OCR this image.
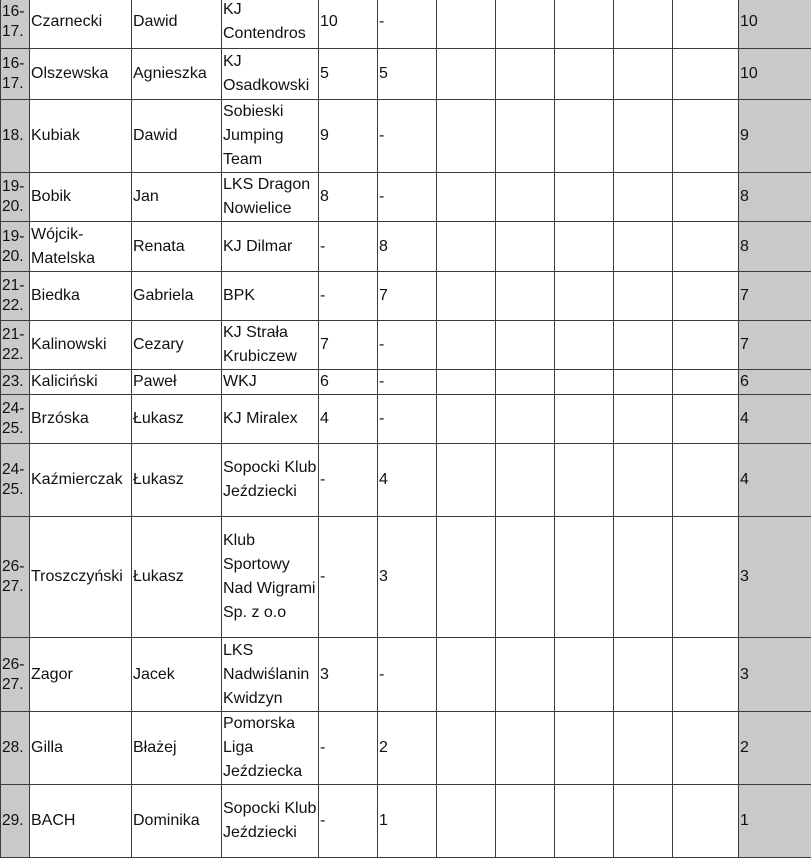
16-17.	Czarnecki	Dawid	KJ Contendros	10	-						10
16-17.	Olszewska	Agnieszka	KJ Osadkowski	5	5						10
18.	Kubiak	Dawid	Sobieski Jumping Team	9	-						9
19-20.	Bobik	Jan	LKS Dragon Nowielice	8	-						8
19-20.	Wójcik-Matelska	Renata	KJ Dilmar	-	8						8
21-22.	Biedka	Gabriela	BPK	-	7						7
21-22.	Kalinowski	Cezary	KJ Strała Krubiczew	7	-						7
23.	Kaliciński	Paweł	WKJ	6	-						6
24-25.	Brzóska	Łukasz	KJ Miralex	4	-						4
24-25.	Kaźmierczak	Łukasz	Sopocki Klub Jeździecki	-	4						4
26-27.	Troszczyński	Łukasz	Klub Sportowy Nad Wigrami Sp. z o.o	-	3						3
26-27.	Zagor	Jacek	LKS Nadwiślanin Kwidzyn	3	-						3
28.	Gilla	Błażej	Pomorska Liga Jeździecka	-	2						2
29.	BACH	Dominika	Sopocki Klub Jeździecki	-	1						1
